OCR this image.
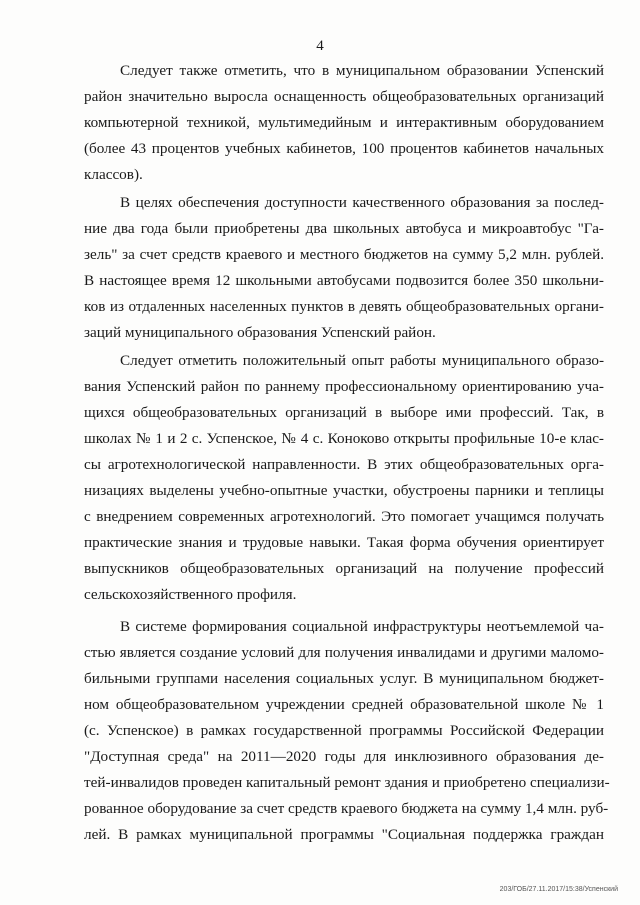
4
Следует также отметить, что в муниципальном образовании Успенский
район значительно выросла оснащенность общеобразовательных организаций
компьютерной техникой, мультимедийным и интерактивным оборудованием
(более 43 процентов учебных кабинетов, 100 процентов кабинетов начальных
классов).
В целях обеспечения доступности качественного образования за послед-
ние два года были приобретены два школьных автобуса и микроавтобус "Га-
зель" за счет средств краевого и местного бюджетов на сумму 5,2 млн. рублей.
В настоящее время 12 школьными автобусами подвозится более 350 школьни-
ков из отдаленных населенных пунктов в девять общеобразовательных органи-
заций муниципального образования Успенский район.
Следует отметить положительный опыт работы муниципального образо-
вания Успенский район по раннему профессиональному ориентированию уча-
щихся общеобразовательных организаций в выборе ими профессий. Так, в
школах № 1 и 2 с. Успенское, № 4 с. Коноково открыты профильные 10-е клас-
сы агротехнологической направленности. В этих общеобразовательных орга-
низациях выделены учебно-опытные участки, обустроены парники и теплицы
с внедрением современных агротехнологий. Это помогает учащимся получать
практические знания и трудовые навыки. Такая форма обучения ориентирует
выпускников общеобразовательных организаций на получение профессий
сельскохозяйственного профиля.
В системе формирования социальной инфраструктуры неотъемлемой ча-
стью является создание условий для получения инвалидами и другими маломо-
бильными группами населения социальных услуг. В муниципальном бюджет-
ном общеобразовательном учреждении средней образовательной школе № 1
(с. Успенское) в рамках государственной программы Российской Федерации
"Доступная среда" на 2011—2020 годы для инклюзивного образования де-
тей-инвалидов проведен капитальный ремонт здания и приобретено специализи-
рованное оборудование за счет средств краевого бюджета на сумму 1,4 млн. руб-
лей. В рамках муниципальной программы "Социальная поддержка граждан
203/ГОБ/27.11.2017/15:38/Успенский
